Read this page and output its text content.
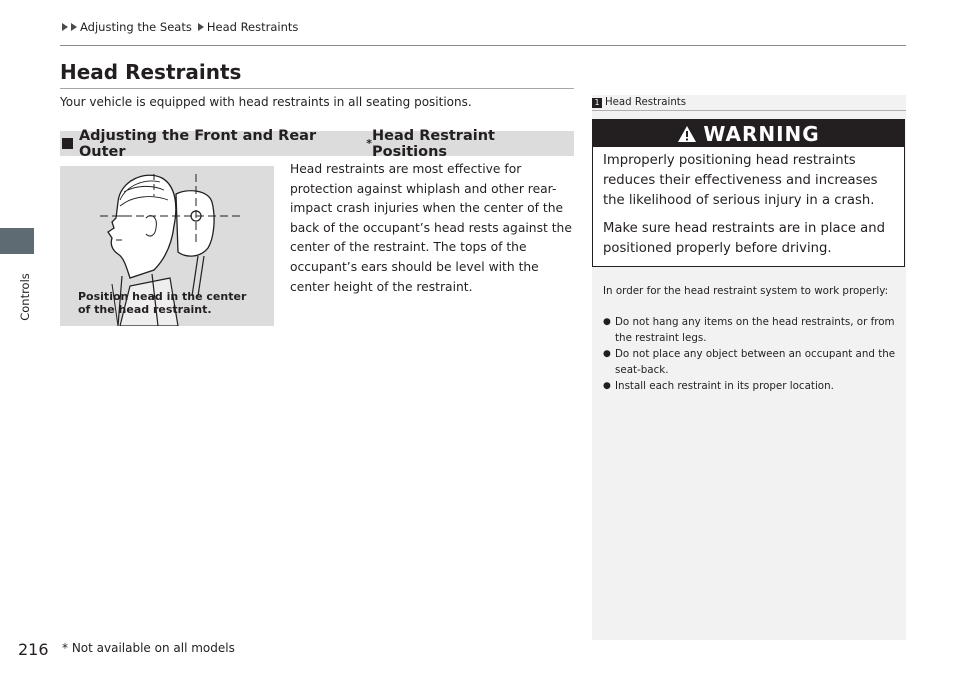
Adjusting the Seats Head Restraints
Controls
Head Restraints
Your vehicle is equipped with head restraints in all seating positions.
Adjusting the Front and Rear Outer	* Head Restraint Positions
Position head in the center
of the head restraint.
Head restraints are most effective for protection against whiplash and other rear-impact crash injuries when the center of the back of the occupant’s head rests against the center of the restraint. The tops of the occupant’s ears should be level with the center height of the restraint.
1 Head Restraints
WARNING
Improperly positioning head restraints reduces their effectiveness and increases the likelihood of serious injury in a crash.
Make sure head restraints are in place and positioned properly before driving.
In order for the head restraint system to work properly:
● Do not hang any items on the head restraints, or from the restraint legs.
● Do not place any object between an occupant and the seat-back.
● Install each restraint in its proper location.
216 * Not available on all models
